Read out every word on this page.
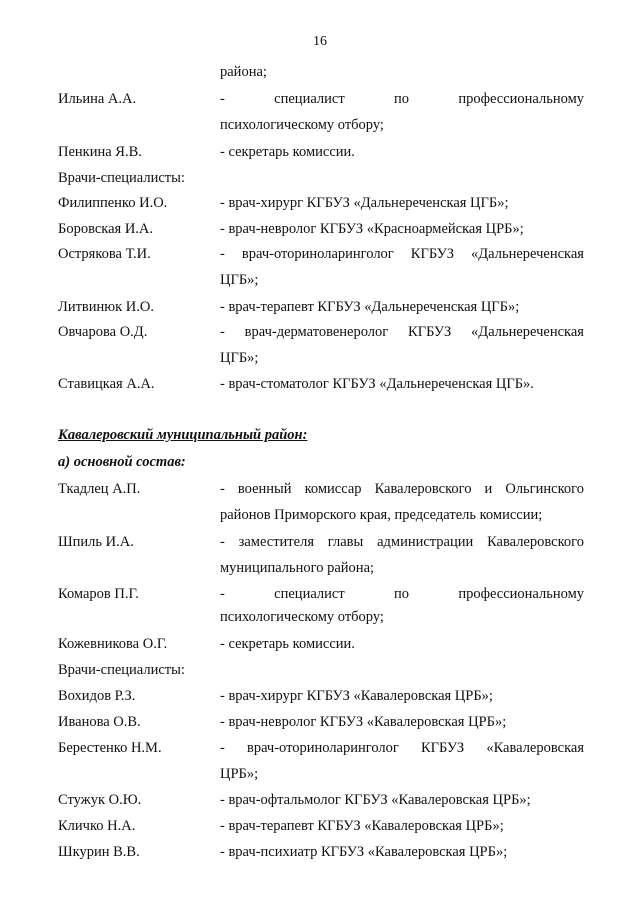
16
района;
Ильина А.А.	-	специалист	по	профессиональному
психологическому отбору;
Пенкина Я.В.	- секретарь комиссии.
Врачи-специалисты:
Филиппенко И.О.	- врач-хирург КГБУЗ «Дальнереченская ЦГБ»;
Боровская И.А.	- врач-невролог КГБУЗ «Красноармейская ЦРБ»;
Острякова Т.И.	- врач-оториноларинголог КГБУЗ «Дальнереченская
ЦГБ»;
Литвинюк И.О.	- врач-терапевт КГБУЗ «Дальнереченская ЦГБ»;
Овчарова О.Д.	- врач-дерматовенеролог КГБУЗ «Дальнереченская
ЦГБ»;
Ставицкая А.А.	- врач-стоматолог КГБУЗ «Дальнереченская ЦГБ».
Кавалеровский муниципальный район:
а) основной состав:
Ткадлец А.П.	- военный комиссар Кавалеровского и Ольгинского
районов Приморского края, председатель комиссии;
Шпиль И.А.	- заместителя главы администрации Кавалеровского
муниципального района;
Комаров П.Г.	-	специалист	по	профессиональному
психологическому отбору;
Кожевникова О.Г.	- секретарь комиссии.
Врачи-специалисты:
Вохидов Р.З.	- врач-хирург КГБУЗ «Кавалеровская ЦРБ»;
Иванова О.В.	- врач-невролог КГБУЗ «Кавалеровская ЦРБ»;
Берестенко Н.М.	- врач-оториноларинголог КГБУЗ «Кавалеровская
ЦРБ»;
Стужук О.Ю.	- врач-офтальмолог КГБУЗ «Кавалеровская ЦРБ»;
Кличко Н.А.	- врач-терапевт КГБУЗ «Кавалеровская ЦРБ»;
Шкурин В.В.	- врач-психиатр КГБУЗ «Кавалеровская ЦРБ»;
